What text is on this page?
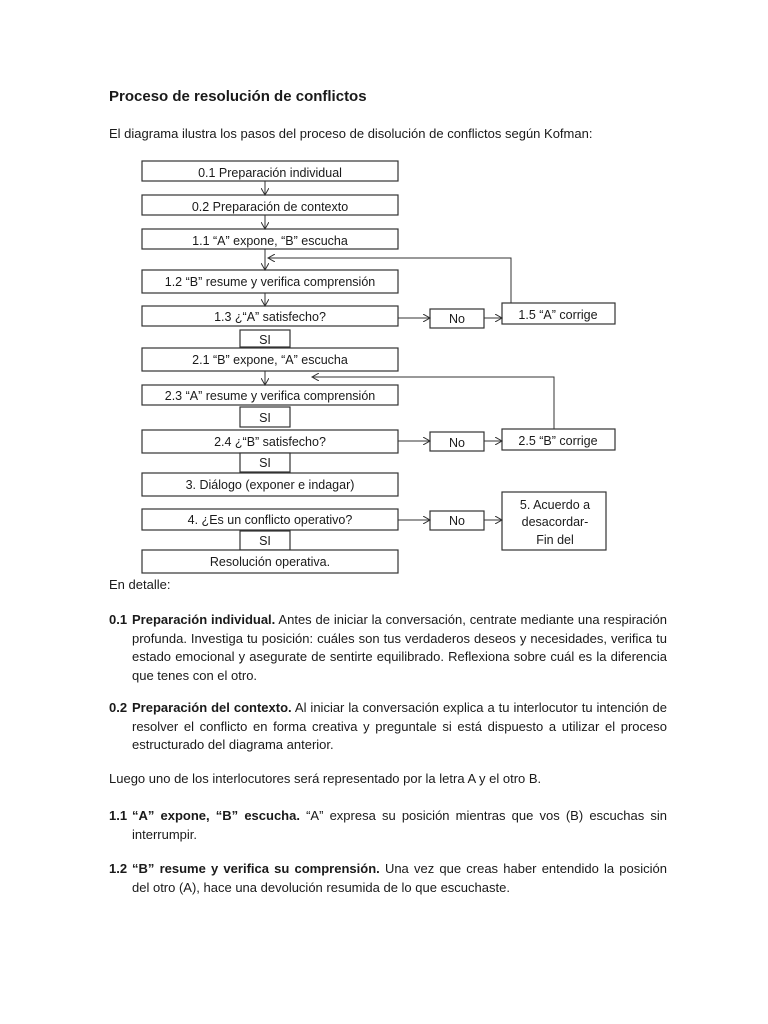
Proceso de resolución de conflictos

El diagrama ilustra los pasos del proceso de disolución de conflictos según Kofman:

0.1 Preparación individual
0.2 Preparación de contexto
1.1 “A” expone, “B” escucha
1.2 “B” resume y verifica comprensión
1.3 ¿“A” satisfecho?
SI
2.1 “B” expone, “A” escucha
2.3 “A” resume y verifica comprensión
SI
2.4 ¿“B” satisfecho?
SI
3. Diálogo (exponer e indagar)
4. ¿Es un conflicto operativo?
SI
Resolución operativa.
No
No
No
1.5 “A” corrige
2.5 “B” corrige
5. Acuerdo a
desacordar-
Fin del

En detalle:

0.1 Preparación individual. Antes de iniciar la conversación, centrate mediante una respiración profunda. Investiga tu posición: cuáles son tus verdaderos deseos y necesidades, verifica tu estado emocional y asegurate de sentirte equilibrado. Reflexiona sobre cuál es la diferencia que tenes con el otro.
0.2 Preparación del contexto. Al iniciar la conversación explica a tu interlocutor tu intención de resolver el conflicto en forma creativa y preguntale si está dispuesto a utilizar el proceso estructurado del diagrama anterior.

Luego uno de los interlocutores será representado por la letra A y el otro B.

1.1 “A” expone, “B” escucha. “A” expresa su posición mientras que vos (B) escuchas sin interrumpir.
1.2 “B” resume y verifica su comprensión. Una vez que creas haber entendido la posición del otro (A), hace una devolución resumida de lo que escuchaste.
